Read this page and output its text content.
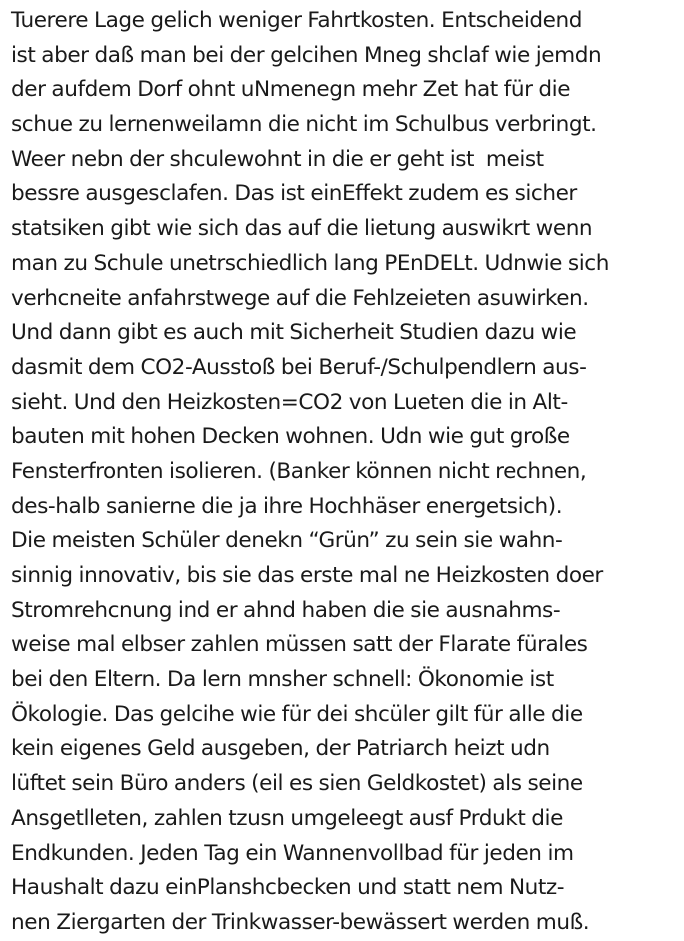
Tuerere Lage gelich weniger Fahrtkosten. Entscheidend
ist aber daß man bei der gelcihen Mneg shclaf wie jemdn
der aufdem Dorf ohnt uNmenegn mehr Zet hat für die
schue zu lernenweilamn die nicht im Schulbus verbringt.
Weer nebn der shculewohnt in die er geht ist  meist
bessre ausgesclafen. Das ist einEffekt zudem es sicher
statsiken gibt wie sich das auf die lietung auswikrt wenn
man zu Schule unetrschiedlich lang PEnDELt. Udnwie sich
verhcneite anfahrstwege auf die Fehlzeieten asuwirken.
Und dann gibt es auch mit Sicherheit Studien dazu wie
dasmit dem CO2-Ausstoß bei Beruf-/Schulpendlern aus-
sieht. Und den Heizkosten=CO2 von Lueten die in Alt-
bauten mit hohen Decken wohnen. Udn wie gut große
Fensterfronten isolieren. (Banker können nicht rechnen,
des-halb sanierne die ja ihre Hochhäser energetsich).
Die meisten Schüler denekn “Grün” zu sein sie wahn-
sinnig innovativ, bis sie das erste mal ne Heizkosten doer
Stromrehcnung ind er ahnd haben die sie ausnahms-
weise mal elbser zahlen müssen satt der Flarate fürales
bei den Eltern. Da lern mnsher schnell: Ökonomie ist
Ökologie. Das gelcihe wie für dei shcüler gilt für alle die
kein eigenes Geld ausgeben, der Patriarch heizt udn
lüftet sein Büro anders (eil es sien Geldkostet) als seine
Ansgetlleten, zahlen tzusn umgeleegt ausf Prdukt die
Endkunden. Jeden Tag ein Wannenvollbad für jeden im
Haushalt dazu einPlanshcbecken und statt nem Nutz-
nen Ziergarten der Trinkwasser-bewässert werden muß.
